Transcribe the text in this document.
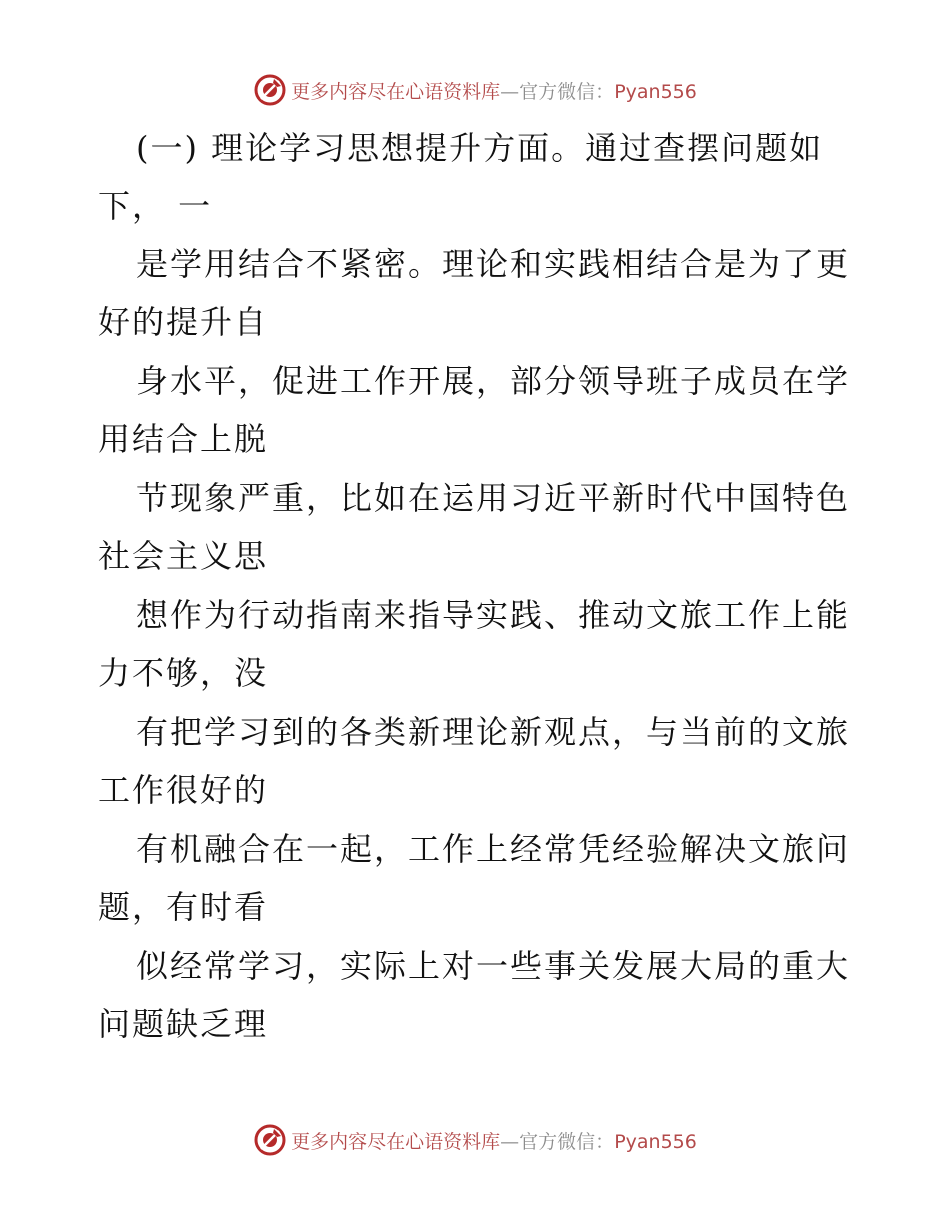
更多内容尽在心语资料库—官方微信：Pyan556
(一) 理论学习思想提升方面。通过查摆问题如
下， 一
是学用结合不紧密。理论和实践相结合是为了更
好的提升自
身水平，促进工作开展，部分领导班子成员在学
用结合上脱
节现象严重，比如在运用习近平新时代中国特色
社会主义思
想作为行动指南来指导实践、推动文旅工作上能
力不够，没
有把学习到的各类新理论新观点，与当前的文旅
工作很好的
有机融合在一起，工作上经常凭经验解决文旅问
题，有时看
似经常学习，实际上对一些事关发展大局的重大
问题缺乏理
更多内容尽在心语资料库—官方微信：Pyan556
